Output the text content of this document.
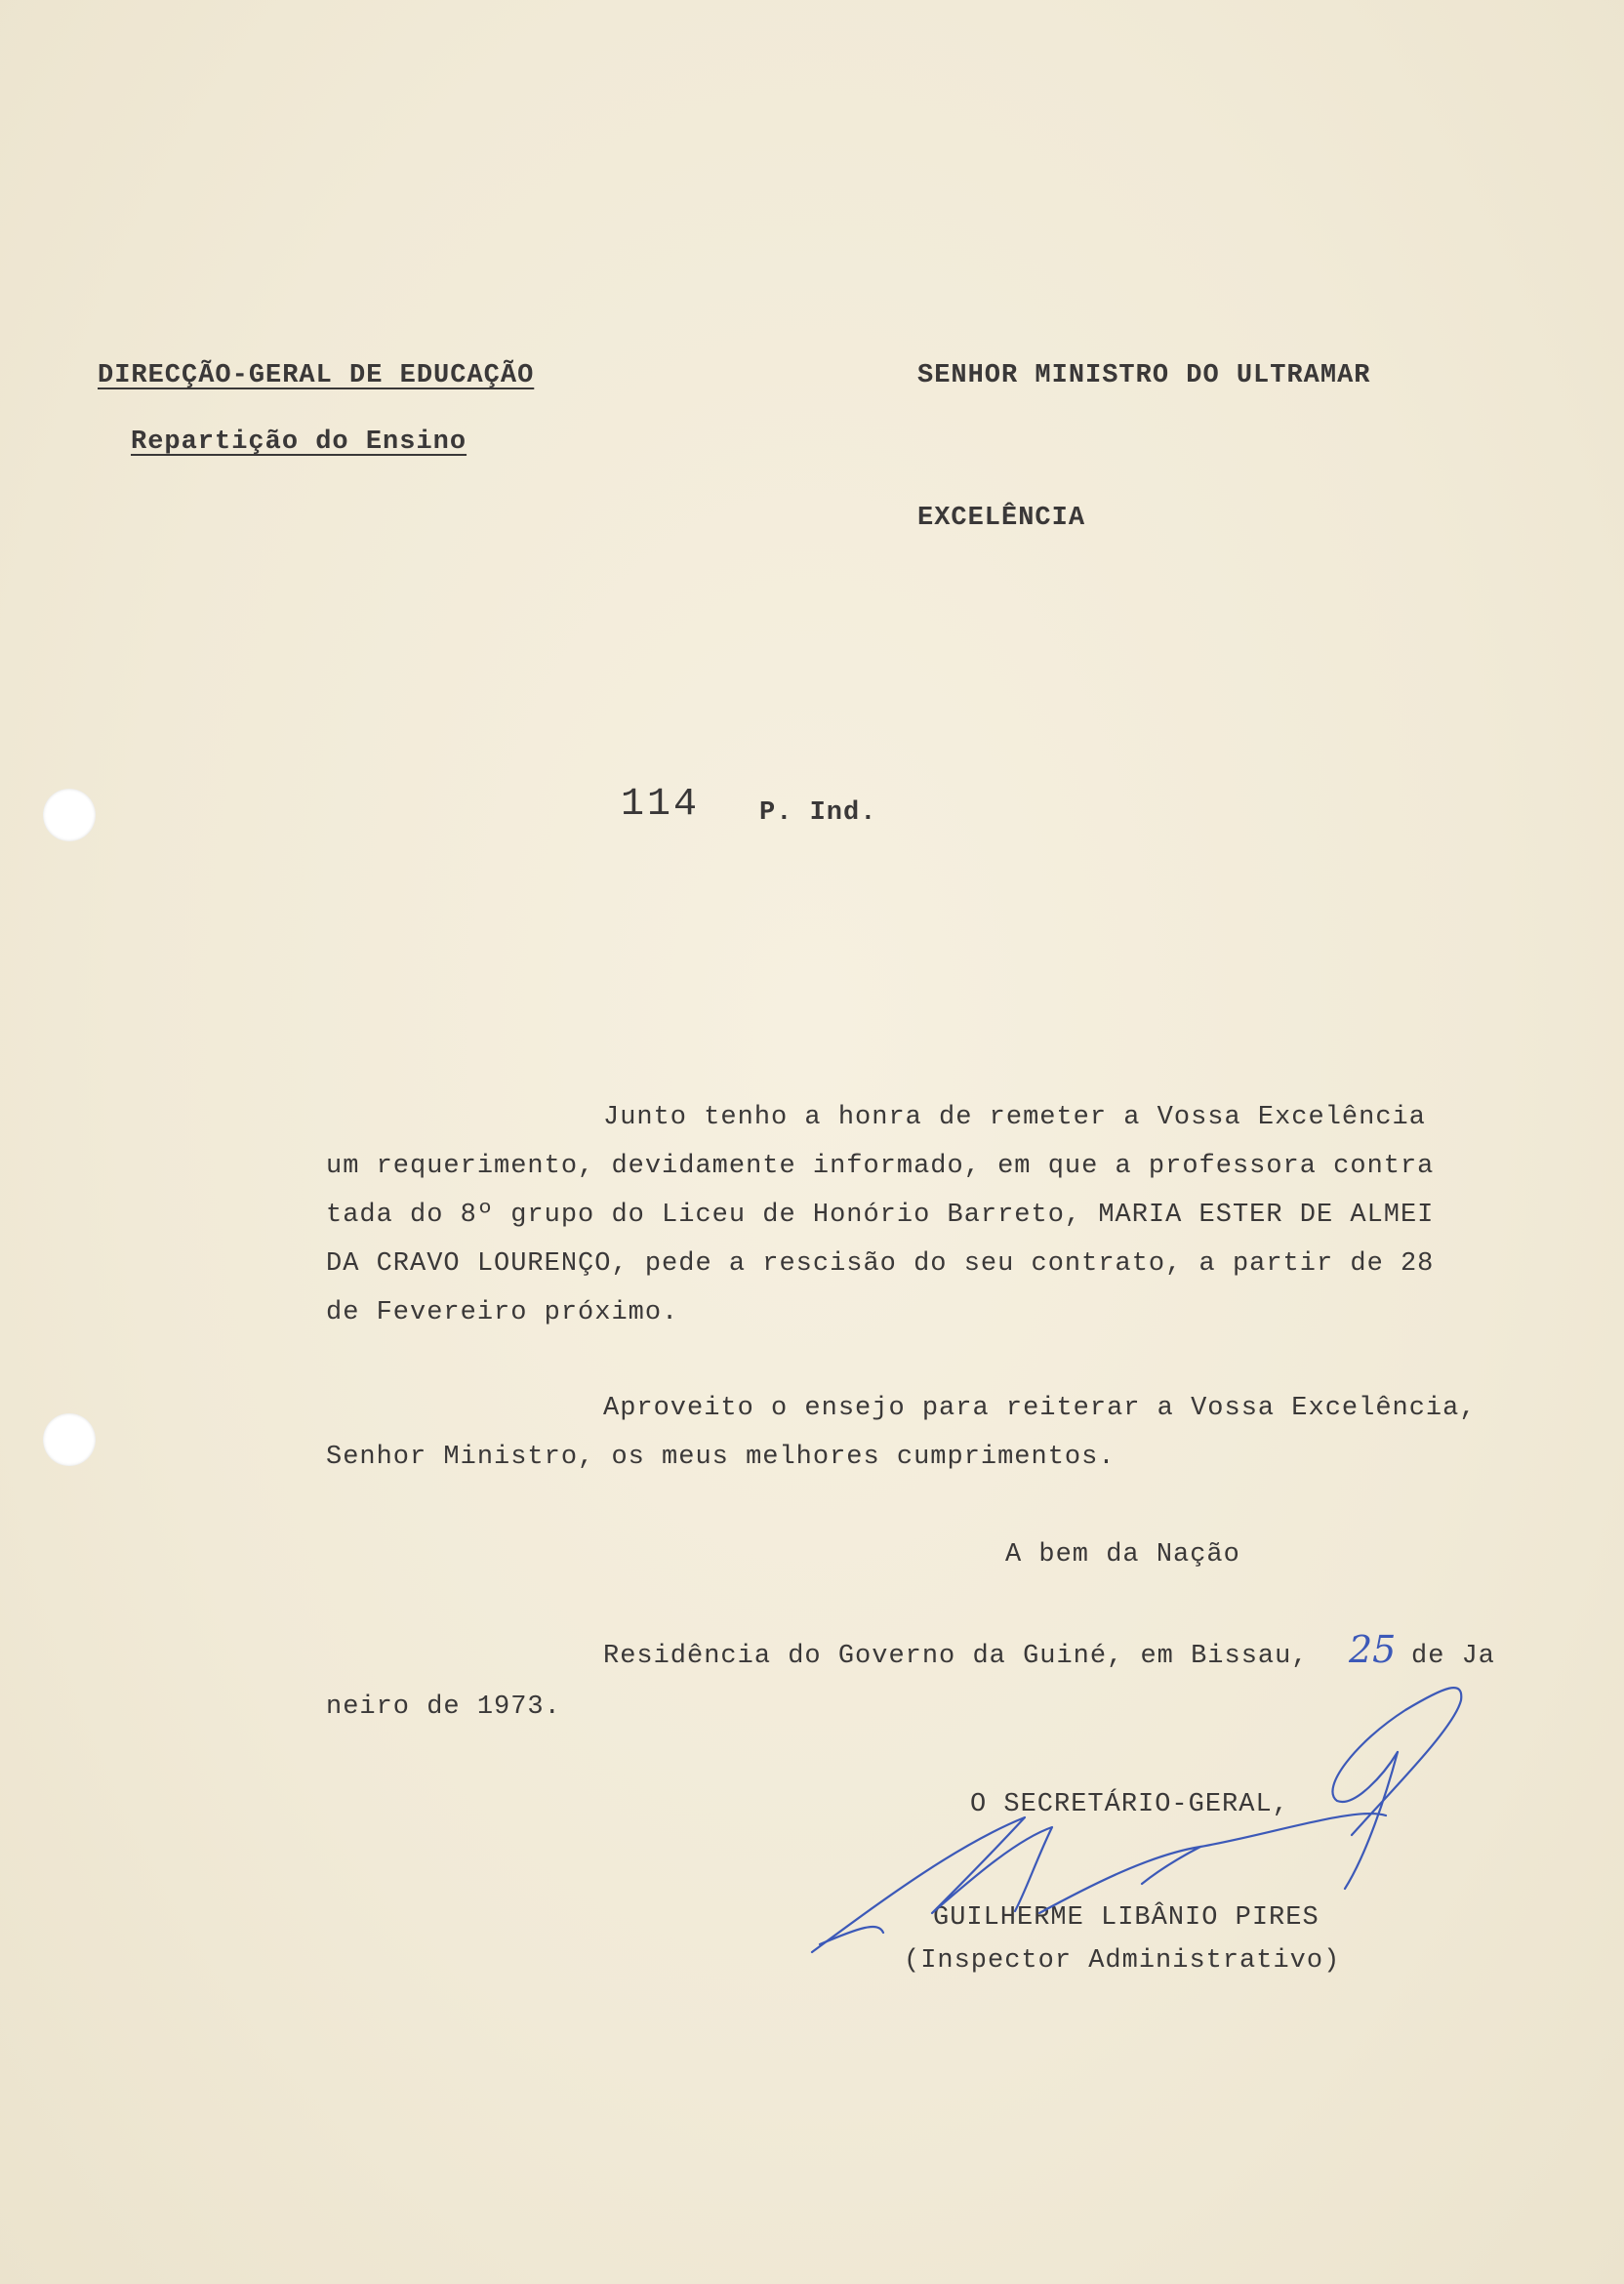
DIRECÇÃO-GERAL DE EDUCAÇÃO
Repartição do Ensino
SENHOR MINISTRO DO ULTRAMAR
EXCELÊNCIA
114 P. Ind.
Junto tenho a honra de remeter a Vossa Excelência
um requerimento, devidamente informado, em que a professora contra
tada do 8º grupo do Liceu de Honório Barreto, MARIA ESTER DE ALMEI
DA CRAVO LOURENÇO, pede a rescisão do seu contrato, a partir de 28
de Fevereiro próximo.
Aproveito o ensejo para reiterar a Vossa Excelência,
Senhor Ministro, os meus melhores cumprimentos.
A bem da Nação
Residência do Governo da Guiné, em Bissau, 25 de Ja
neiro de 1973.
O SECRETÁRIO-GERAL,
GUILHERME LIBÂNIO PIRES
(Inspector Administrativo)
